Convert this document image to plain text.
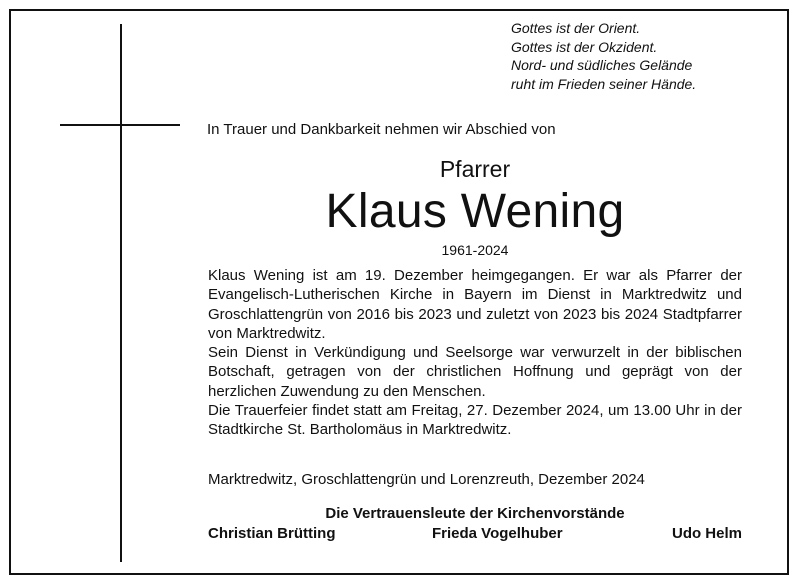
Gottes ist der Orient.
Gottes ist der Okzident.
Nord- und südliches Gelände
ruht im Frieden seiner Hände.
In Trauer und Dankbarkeit nehmen wir Abschied von
Pfarrer
Klaus Wening
1961-2024

Klaus Wening ist am 19. Dezember heimgegangen. Er war als Pfarrer der Evangelisch-Lutherischen Kirche in Bayern im Dienst in Marktredwitz und Groschlattengrün von 2016 bis 2023 und zuletzt von 2023 bis 2024 Stadtpfarrer von Marktredwitz.

Sein Dienst in Verkündigung und Seelsorge war verwurzelt in der biblischen Botschaft, getragen von der christlichen Hoffnung und geprägt von der herzlichen Zuwendung zu den Menschen.

Die Trauerfeier findet statt am Freitag, 27. Dezember 2024, um 13.00 Uhr in der Stadtkirche St. Bartholomäus in Marktredwitz.

Marktredwitz, Groschlattengrün und Lorenzreuth, Dezember 2024
Die Vertrauensleute der Kirchenvorstände
Christian Brütting	Frieda Vogelhuber	Udo Helm
